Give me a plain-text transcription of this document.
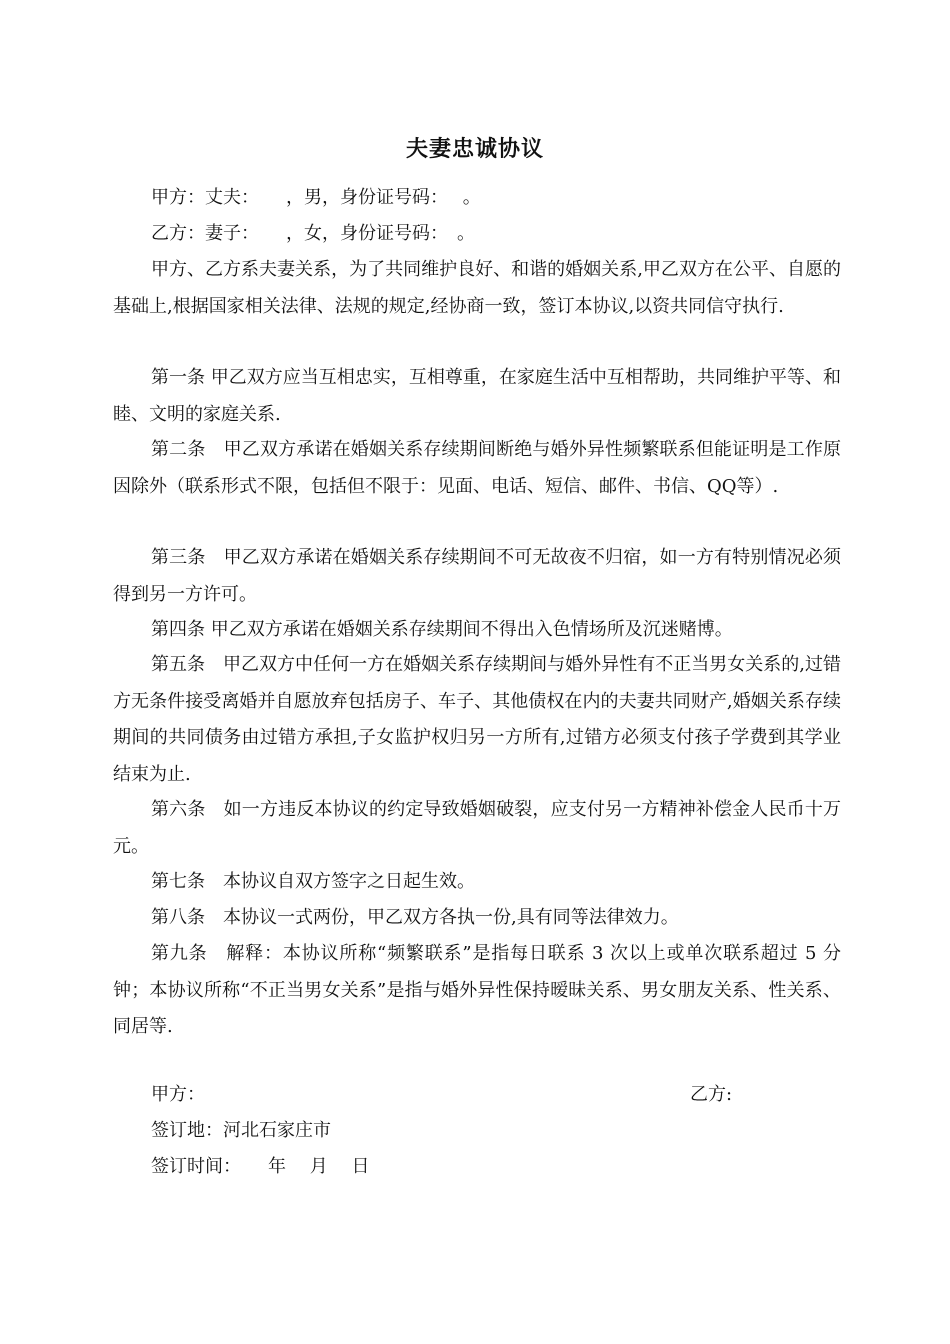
夫妻忠诚协议
甲方：丈夫：　　，男，身份证号码：　 。
乙方：妻子：　　，女，身份证号码：　。

甲方、乙方系夫妻关系，为了共同维护良好、和谐的婚姻关系,甲乙双方在公平、自愿的基础上,根据国家相关法律、法规的规定,经协商一致，签订本协议,以资共同信守执行.

第一条 甲乙双方应当互相忠实，互相尊重，在家庭生活中互相帮助，共同维护平等、和睦、文明的家庭关系.

第二条　甲乙双方承诺在婚姻关系存续期间断绝与婚外异性频繁联系但能证明是工作原因除外（联系形式不限，包括但不限于：见面、电话、短信、邮件、书信、QQ等）.

第三条　甲乙双方承诺在婚姻关系存续期间不可无故夜不归宿，如一方有特别情况必须得到另一方许可。

第四条 甲乙双方承诺在婚姻关系存续期间不得出入色情场所及沉迷赌博。

第五条　甲乙双方中任何一方在婚姻关系存续期间与婚外异性有不正当男女关系的,过错方无条件接受离婚并自愿放弃包括房子、车子、其他债权在内的夫妻共同财产,婚姻关系存续期间的共同债务由过错方承担,子女监护权归另一方所有,过错方必须支付孩子学费到其学业结束为止.

第六条　如一方违反本协议的约定导致婚姻破裂，应支付另一方精神补偿金人民币十万元。

第七条　本协议自双方签字之日起生效。

第八条　本协议一式两份，甲乙双方各执一份,具有同等法律效力。

第九条　解释：本协议所称“频繁联系”是指每日联系 3 次以上或单次联系超过 5 分钟；本协议所称“不正当男女关系”是指与婚外异性保持暧昧关系、男女朋友关系、性关系、同居等.

甲方：	乙方:
签订地：河北石家庄市
签订时间：　　年　 月　 日
